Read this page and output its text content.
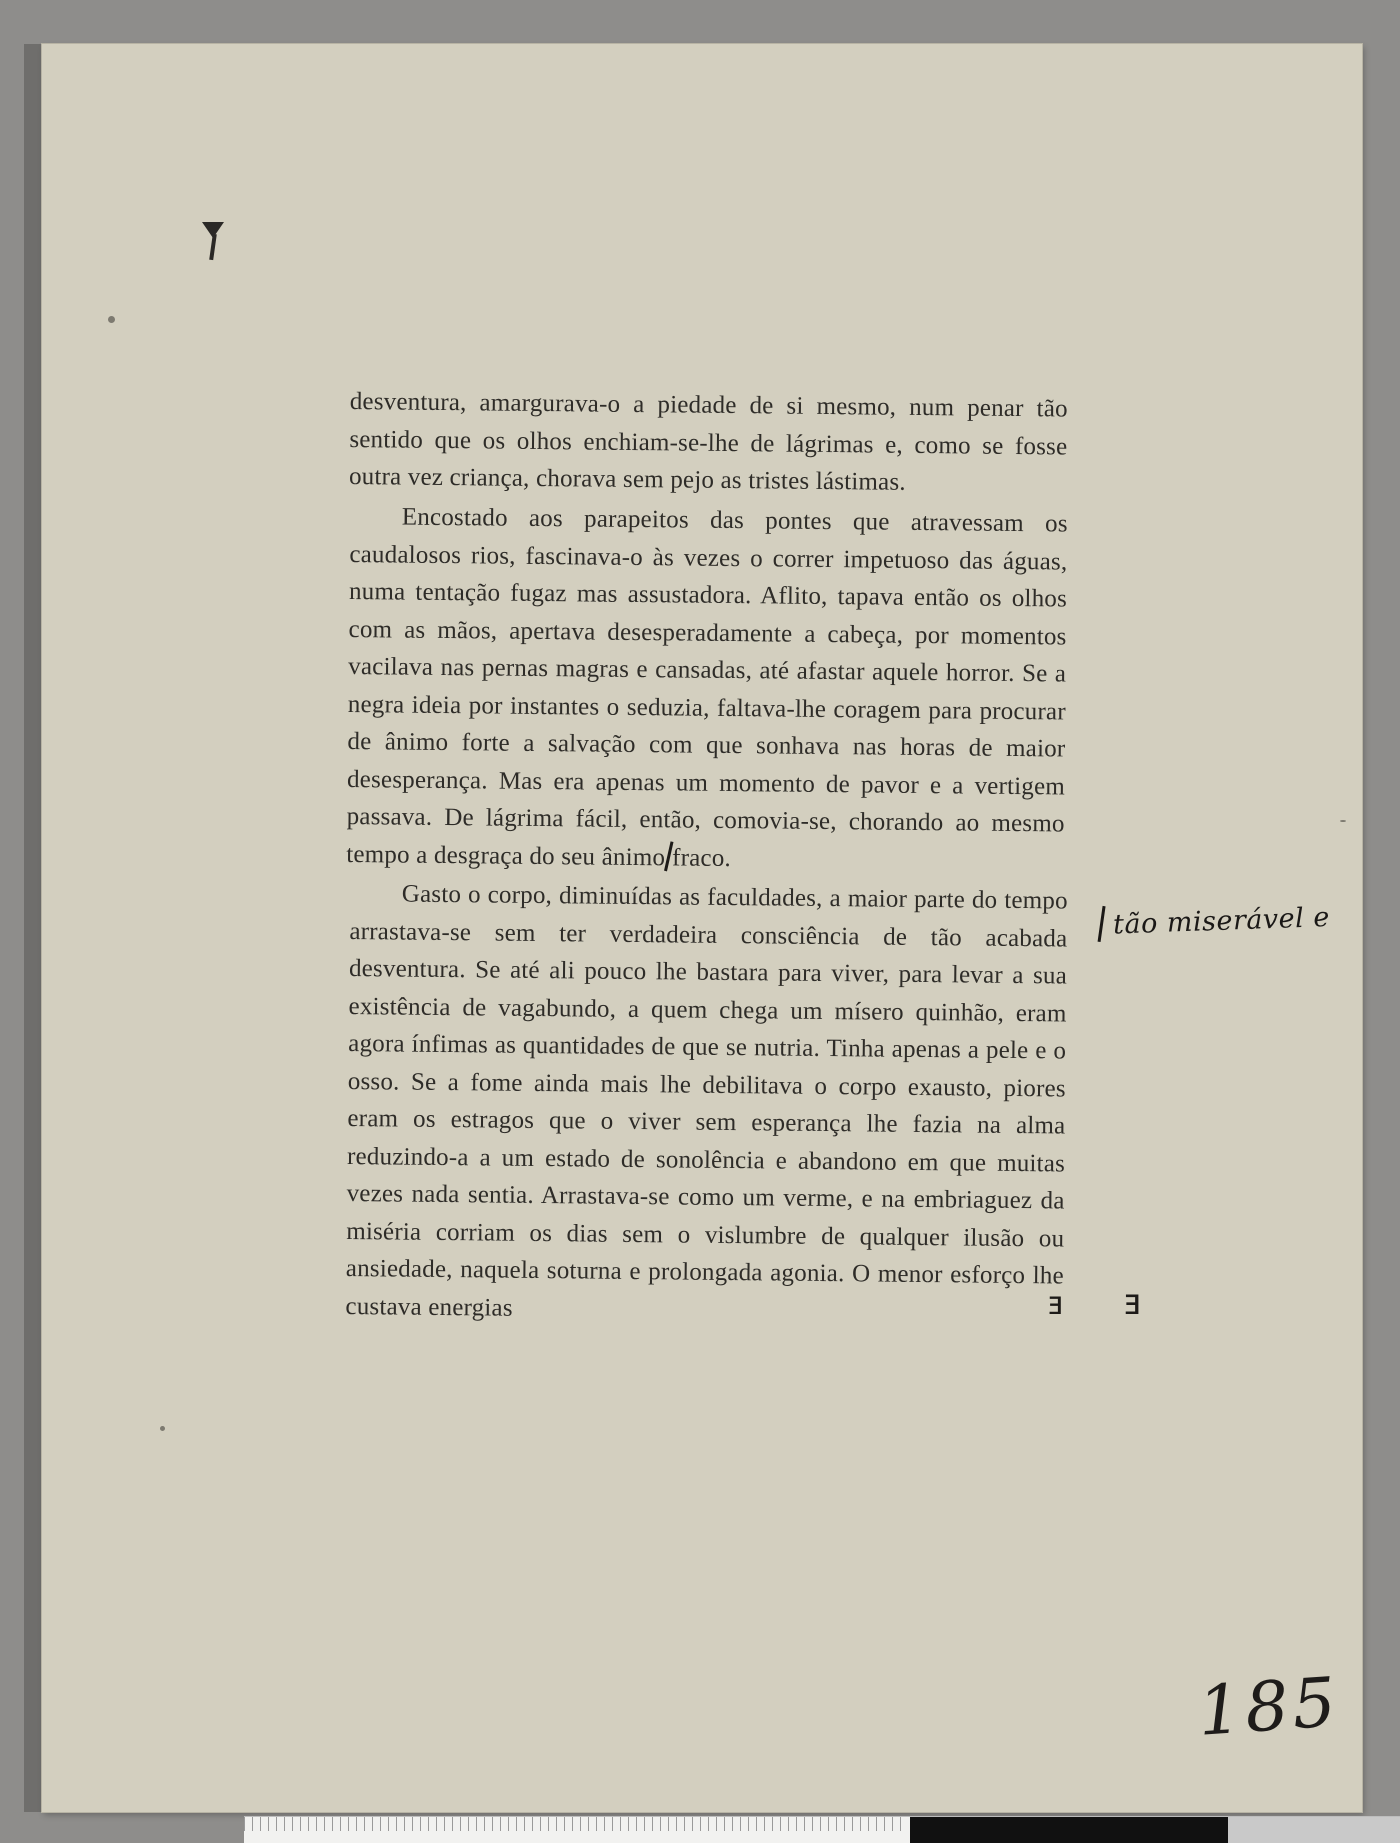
desventura, amargurava-o a piedade de si mesmo, num penar tão sentido que os olhos enchiam-se-lhe de lágrimas e, como se fosse outra vez criança, chorava sem pejo as tristes lástimas.

Encostado aos parapeitos das pontes que atravessam os caudalosos rios, fascinava-o às vezes o correr impetuoso das águas, numa tentação fugaz mas assustadora. Aflito, tapava então os olhos com as mãos, apertava desesperadamente a cabeça, por momentos vacilava nas pernas magras e cansadas, até afastar aquele horror. Se a negra ideia por instantes o seduzia, faltava-lhe coragem para procurar de ânimo forte a salvação com que sonhava nas horas de maior desesperança. Mas era apenas um momento de pavor e a vertigem passava. De lágrima fácil, então, comovia-se, chorando ao mesmo tempo a desgraça do seu ânimo fraco.

Gasto o corpo, diminuídas as faculdades, a maior parte do tempo arrastava-se sem ter verdadeira consciência de tão acabada desventura. Se até ali pouco lhe bastara para viver, para levar a sua existência de vagabundo, a quem chega um mísero quinhão, eram agora ínfimas as quantidades de que se nutria. Tinha apenas a pele e o osso. Se a fome ainda mais lhe debilitava o corpo exausto, piores eram os estragos que o viver sem esperança lhe fazia na alma reduzindo-a a um estado de sonolência e abandono em que muitas vezes nada sentia. Arrastava-se como um verme, e na embriaguez da miséria corriam os dias sem o vislumbre de qualquer ilusão ou ansiedade, naquela soturna e prolongada agonia. O menor esforço lhe custava energias

tão miserável e
ⱻ ⱻ
185
